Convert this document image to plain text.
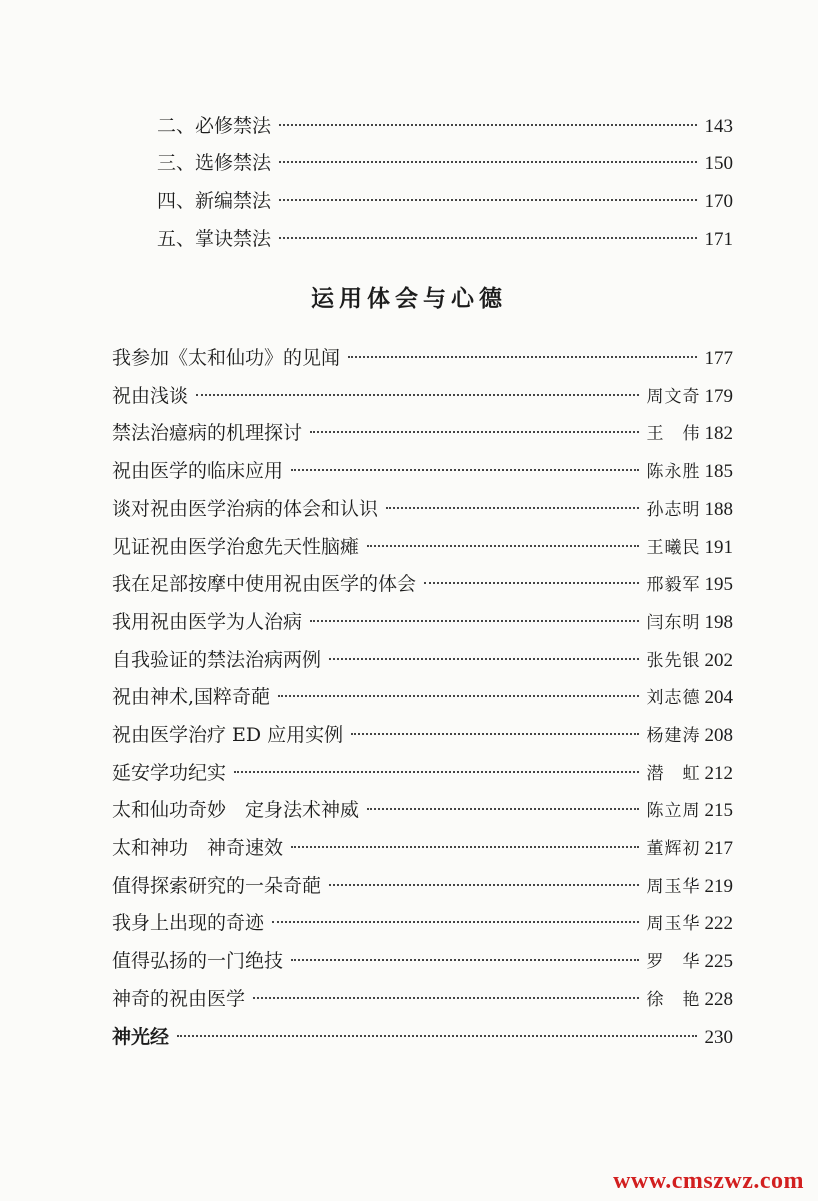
二、必修禁法	143
三、选修禁法	150
四、新编禁法	170
五、掌诀禁法	171
运用体会与心德
我参加《太和仙功》的见闻	177
祝由浅谈	周文奇 179
禁法治癔病的机理探讨	王　伟 182
祝由医学的临床应用	陈永胜 185
谈对祝由医学治病的体会和认识	孙志明 188
见证祝由医学治愈先天性脑瘫	王曦民 191
我在足部按摩中使用祝由医学的体会	邢毅军 195
我用祝由医学为人治病	闫东明 198
自我验证的禁法治病两例	张先银 202
祝由神术,国粹奇葩	刘志德 204
祝由医学治疗 ED 应用实例	杨建涛 208
延安学功纪实	潜　虹 212
太和仙功奇妙　定身法术神威	陈立周 215
太和神功　神奇速效	董辉初 217
值得探索研究的一朵奇葩	周玉华 219
我身上出现的奇迹	周玉华 222
值得弘扬的一门绝技	罗　华 225
神奇的祝由医学	徐　艳 228
神光经	230
www.cmszwz.com
